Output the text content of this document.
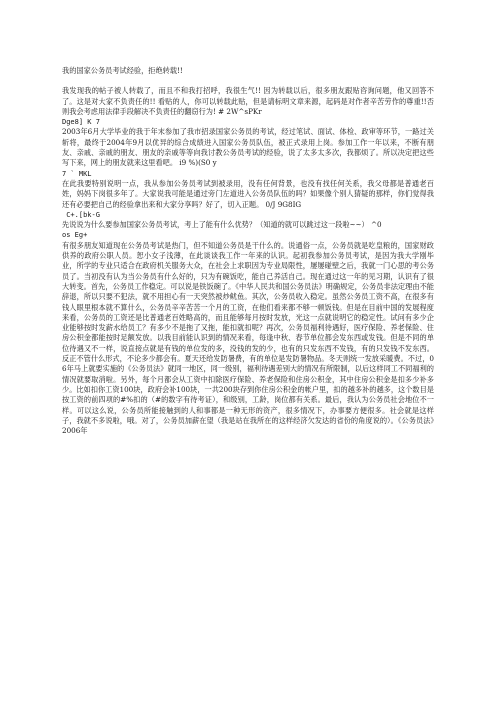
我的国家公务员考试经验，拒绝转载!!

我发现我的帖子被人转载了，而且不和我打招呼，我很生气!! 因为转载以后，很多朋友跟贴咨询问题，他又回答不了。这是对大家不负责任的!! 看贴的人，你可以转载此贴，但是请标明文章来源，起码是对作者辛苦劳作的尊重!!否则我会考虑用法律手段解决不负责任的翻窃行为! # 2W^sPKr

Dge8] K 7

2003年6月大学毕业的我于年末参加了我市招录国家公务员的考试，经过笔试、面试、体检、政审等环节，一路过关斩将，最终于2004年9月以优异的综合成绩进入国家公务员队伍，被正式录用上岗。参加工作一年以来，不断有朋友、亲戚、亲戚的朋友、朋友的亲戚等等向我讨教公务员考试的经验，说了太多太多次，我都烦了。所以决定把这些写下来，网上的朋友就来这里看吧。 i9 %)(S0 y

7 ` MKL

在此我要特别说明一点，我从参加公务员考试到被录用，没有任何背景，也没有找任何关系，我父母都是普通老百姓，妈妈下岗很多年了。大家说我可能是通过旁门左道进入公务员队伍的吗？如果像个别人猜疑的那样，你们觉得我还有必要把自己的经验拿出来和大家分享吗？好了，切入正题。 0/J 9G8IG

C+.[bk-G

先说说为什么要参加国家公务员考试，考上了能有什么优势？（知道的就可以跳过这一段啦~~） ^0

os Eg+

有很多朋友知道现在公务员考试是热门，但不知道公务员是干什么的。说通俗一点，公务员就是吃皇粮的，国家财政供养的政府公职人员。恕小女子浅薄，在此谈谈我工作一年来的认识。起初我参加公务员考试，是因为我大学刚毕业，所学的专业只适合在政府机关服务大众，在社会上求职因为专业局限性，屡屡碰壁之后，我就一门心思的考公务员了。当初没有认为当公务员有什么好的，只为有碗饭吃，能自己养活自己。现在通过这一年的见习期，认识有了很大转变。首先，公务员工作稳定。可以说是铁饭碗了。《中华人民共和国公务员法》明确规定，公务员非法定理由不能辞退，所以只要不犯法，就不用担心有一天突然被炒鱿鱼。其次，公务员收入稳定。虽然公务员工资不高，在很多有钱人眼里根本就不算什么，公务员辛辛苦苦一个月的工资，在他们看来都不够一顿饭钱。但是在目前中国的发展程度来看，公务员的工资还是比普通老百姓略高的，而且能够每月按时发放，光这一点就说明它的稳定性。试问有多少企业能够按时发薪水给员工？有多少不是拖了又拖，能扣就扣呢？再次，公务员福利待遇好，医疗保险、养老保险、住房公积金都能按时足额发放。以我目前能认识到的情况来看，每逢中秋、春节单位都会发东西或发钱。但是不同的单位待遇又不一样，说直接点就是有钱的单位发的多，没钱的发的少，也有的只发东西不发钱，有的只发钱不发东西。反正不管什么形式，不论多少都会有。夏天还给发防暑费，有的单位是发防暑物品。冬天则统一发放采暖费。不过，06年马上就要实施的《公务员法》就同一地区，同一级别，福利待遇差别大的情况有所限制，以后这样同工不同福利的情况就要取消啦。另外，每个月都会从工资中扣除医疗保险、养老保险和住房公积金，其中住房公积金是扣多少补多少。比如扣你工资100块，政府会补100块，一共200块存到你住房公积金的帐户里，扣的越多补的越多，这个数目是按工资的前四项的#%扣的（#的数字有待考证），和级别，工龄，岗位都有关系。最后，我认为公务员社会地位不一样。可以这么说，公务员所能接触到的人和事都是一种无形的资产，很多情况下，办事要方便很多。社会就是这样子，我就不多说啦，哦。对了，公务员加薪在望（我是站在我所在的这样经济欠发达的省份的角度说的）。《公务员法》2006年
